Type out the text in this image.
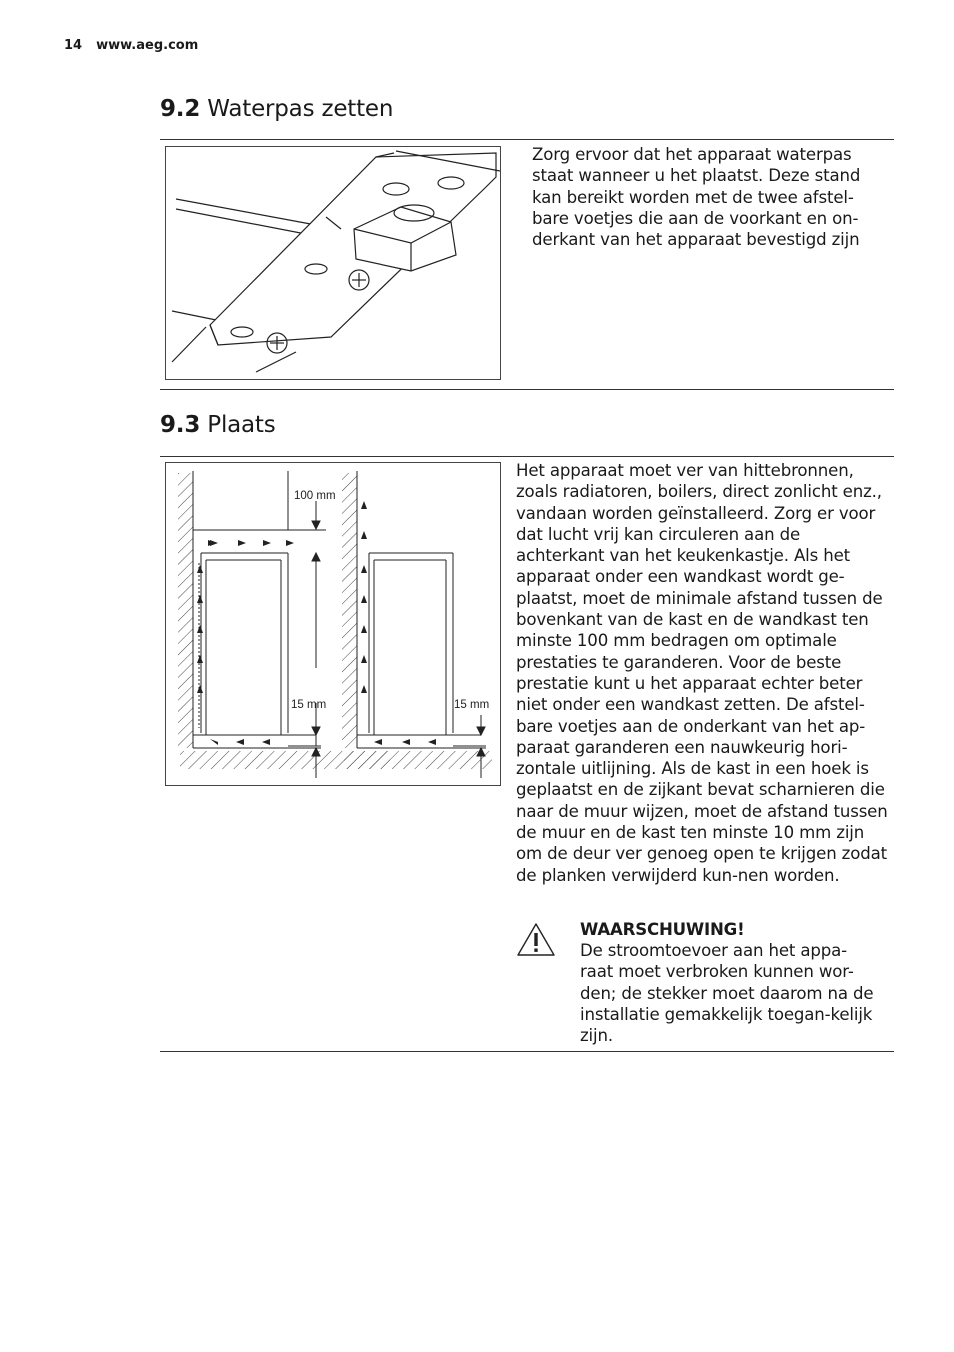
14 www.aeg.com
9.2 Waterpas zetten

Zorg ervoor dat het apparaat waterpas staat wanneer u het plaatst. Deze stand kan bereikt worden met de twee afstel-bare voetjes die aan de voorkant en on-derkant van het apparaat bevestigd zijn

9.3 Plaats
100 mm
15 mm	15 mm

Het apparaat moet ver van hittebronnen, zoals radiatoren, boilers, direct zonlicht enz., vandaan worden geïnstalleerd. Zorg er voor dat lucht vrij kan circuleren aan de achterkant van het keukenkastje. Als het apparaat onder een wandkast wordt ge-plaatst, moet de minimale afstand tussen de bovenkant van de kast en de wandkast ten minste 100 mm bedragen om optimale prestaties te garanderen. Voor de beste prestatie kunt u het apparaat echter beter niet onder een wandkast zetten. De afstel-bare voetjes aan de onderkant van het ap-paraat garanderen een nauwkeurig hori-zontale uitlijning. Als de kast in een hoek is geplaatst en de zijkant bevat scharnieren die naar de muur wijzen, moet de afstand tussen de muur en de kast ten minste 10 mm zijn om de deur ver genoeg open te krijgen zodat de planken verwijderd kun-nen worden.

WAARSCHUWING!

De stroomtoevoer aan het appa-raat moet verbroken kunnen wor-den; de stekker moet daarom na de installatie gemakkelijk toegan-kelijk zijn.
